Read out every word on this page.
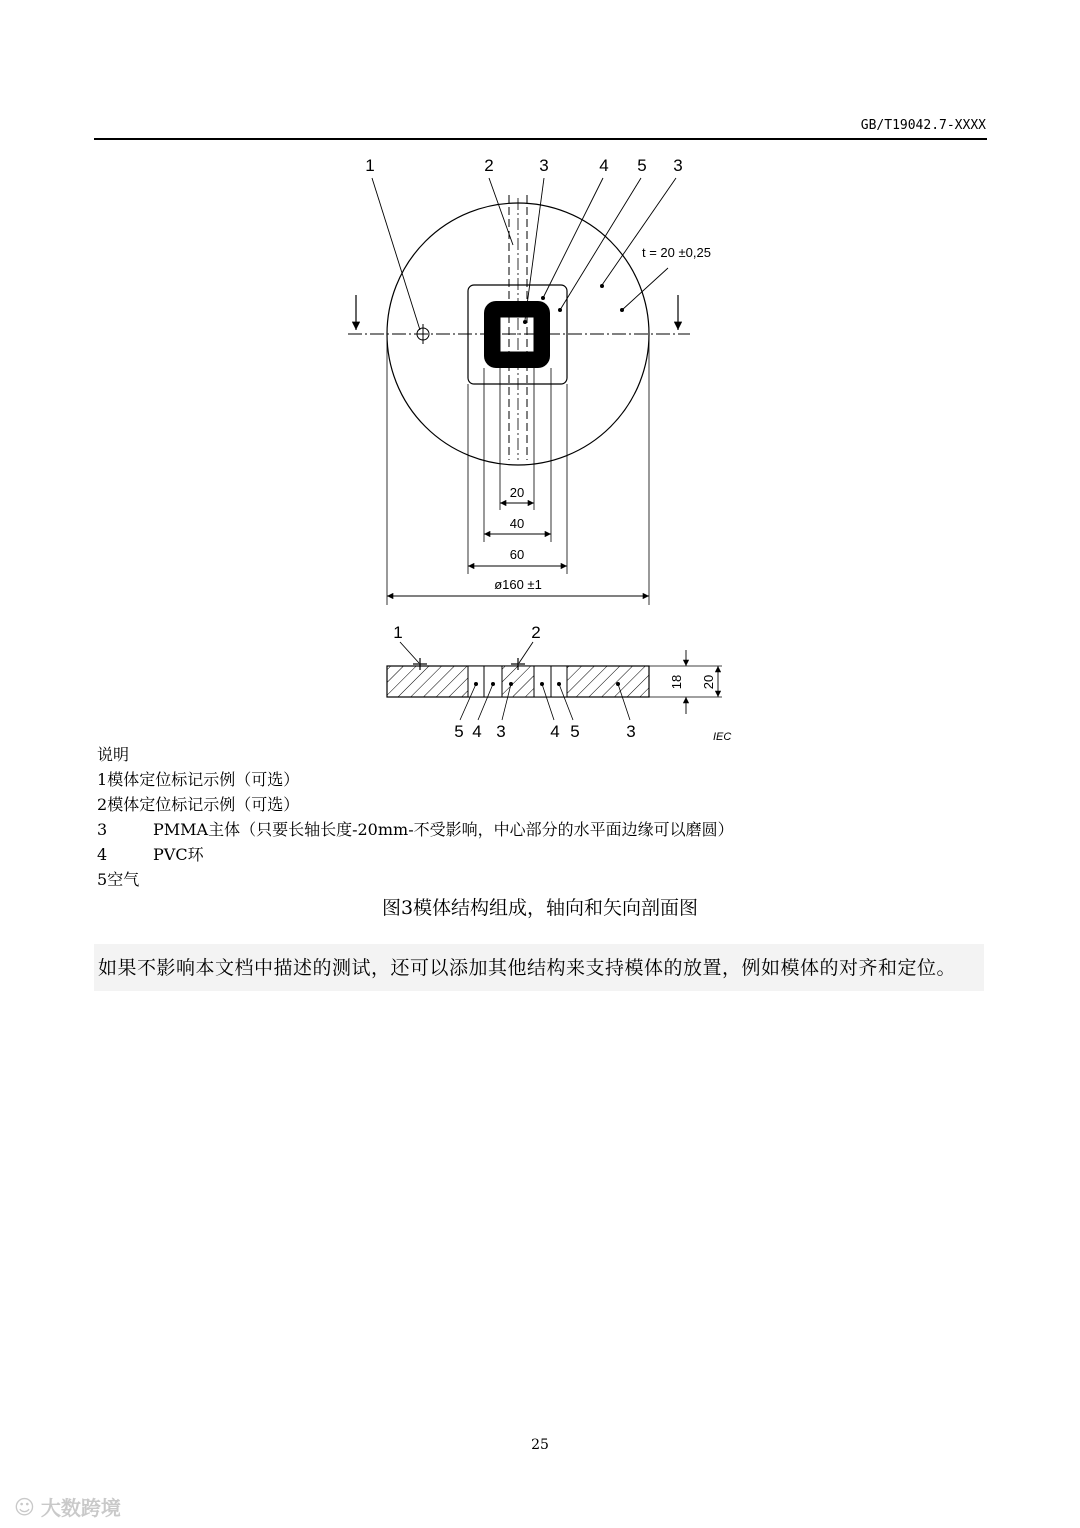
GB/T19042.7-XXXX
20
40
60
ø160 ±1
1	2	3	4 5 3
t = 20 ±0,25
1	2
5 4 3	4 5	3
18 20
IEC
说明
1 模体定位标记示例（可选）
2 模体定位标记示例（可选）
3	PMMA主体（只要长轴长度-20mm-不受影响，中心部分的水平面边缘可以磨圆）
4	PVC环
5 空气
图3模体结构组成，轴向和矢向剖面图
如果不影响本文档中描述的测试，还可以添加其他结构来支持模体的放置，例如模体的对齐和定位。
25
☺ 大数跨境
